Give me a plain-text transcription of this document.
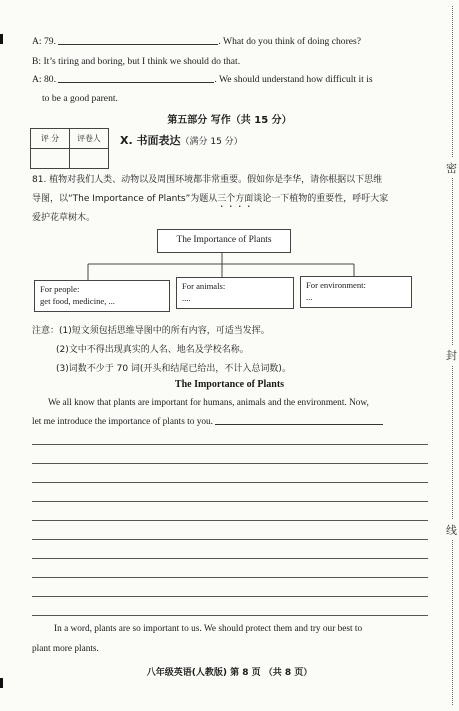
密
封
线
A: 79.	. What do you think of doing chores?
B: It’s tiring and boring, but I think we should do that.
A: 80.	. We should understand how difficult it is
to be a good parent.
第五部分 写作（共 15 分）
评 分	评卷人
	X. 书面表达（满分 15 分）
81. 植物对我们人类、动物以及周围环境都非常重要。假如你是李华，请你根据以下思维
导图，以“The Importance of Plants”为题从三个方面谈论一下植物的重要性，呼吁大家
爱护花草树木。
The Importance of Plants
For people:
get food, medicine, ...
For animals:
....
For environment:
...
注意：(1)短文须包括思维导图中的所有内容，可适当发挥。
(2)文中不得出现真实的人名、地名及学校名称。
(3)词数不少于 70 词(开头和结尾已给出，不计入总词数)。
The Importance of Plants
We all know that plants are important for humans, animals and the environment. Now,
let me introduce the importance of plants to you.
In a word, plants are so important to us. We should protect them and try our best to
plant more plants.
八年级英语(人教版) 第 8 页 （共 8 页）
